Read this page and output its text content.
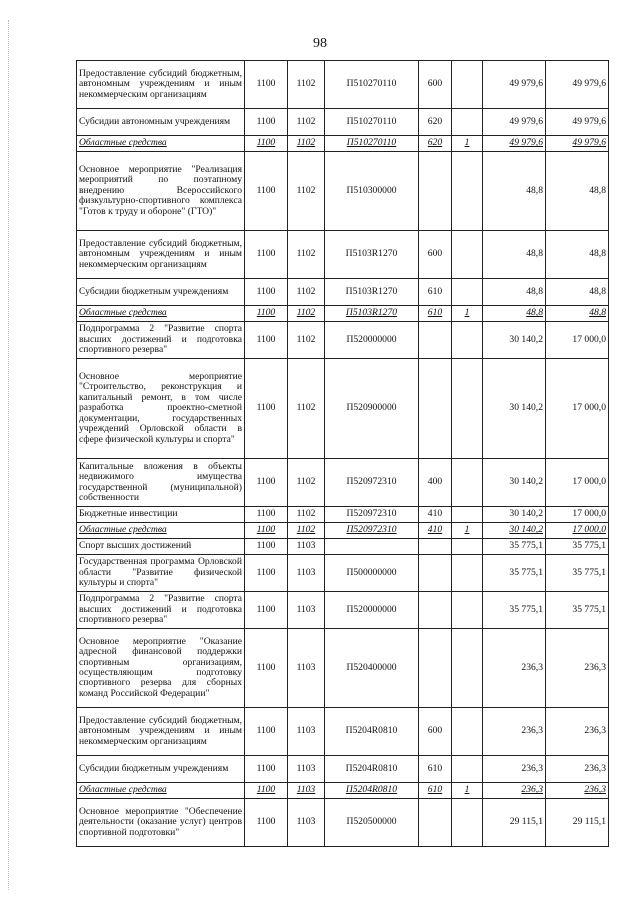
98
Предоставление субсидий бюджетным, автономным учреждениям и иным некоммерческим организациям	1100	1102	П510270110	600		49 979,6	49 979,6
Субсидии автономным учреждениям	1100	1102	П510270110	620		49 979,6	49 979,6
Областные средства	1100	1102	П510270110	620	1	49 979,6	49 979,6
Основное мероприятие "Реализация мероприятий по поэтапному внедрению Всероссийского физкультурно-спортивного комплекса "Готов к труду и обороне" (ГТО)"	1100	1102	П510300000			48,8	48,8
Предоставление субсидий бюджетным, автономным учреждениям и иным некоммерческим организациям	1100	1102	П5103R1270	600		48,8	48,8
Субсидии бюджетным учреждениям	1100	1102	П5103R1270	610		48,8	48,8
Областные средства	1100	1102	П5103R1270	610	1	48,8	48,8
Подпрограмма 2 "Развитие спорта высших достижений и подготовка спортивного резерва"	1100	1102	П520000000			30 140,2	17 000,0
Основное мероприятие "Строительство, реконструкция и капитальный ремонт, в том числе разработка проектно-сметной документации, государственных учреждений Орловской области в сфере физической культуры и спорта"	1100	1102	П520900000			30 140,2	17 000,0
Капитальные вложения в объекты недвижимого имущества государственной (муниципальной) собственности	1100	1102	П520972310	400		30 140,2	17 000,0
Бюджетные инвестиции	1100	1102	П520972310	410		30 140,2	17 000,0
Областные средства	1100	1102	П520972310	410	1	30 140,2	17 000,0
Спорт высших достижений	1100	1103				35 775,1	35 775,1
Государственная программа Орловской области "Развитие физической культуры и спорта"	1100	1103	П500000000			35 775,1	35 775,1
Подпрограмма 2 "Развитие спорта высших достижений и подготовка спортивного резерва"	1100	1103	П520000000			35 775,1	35 775,1
Основное мероприятие "Оказание адресной финансовой поддержки спортивным организациям, осуществляющим подготовку спортивного резерва для сборных команд Российской Федерации"	1100	1103	П520400000			236,3	236,3
Предоставление субсидий бюджетным, автономным учреждениям и иным некоммерческим организациям	1100	1103	П5204R0810	600		236,3	236,3
Субсидии бюджетным учреждениям	1100	1103	П5204R0810	610		236,3	236,3
Областные средства	1100	1103	П5204R0810	610	1	236,3	236,3
Основное мероприятие "Обеспечение деятельности (оказание услуг) центров спортивной подготовки"	1100	1103	П520500000			29 115,1	29 115,1
